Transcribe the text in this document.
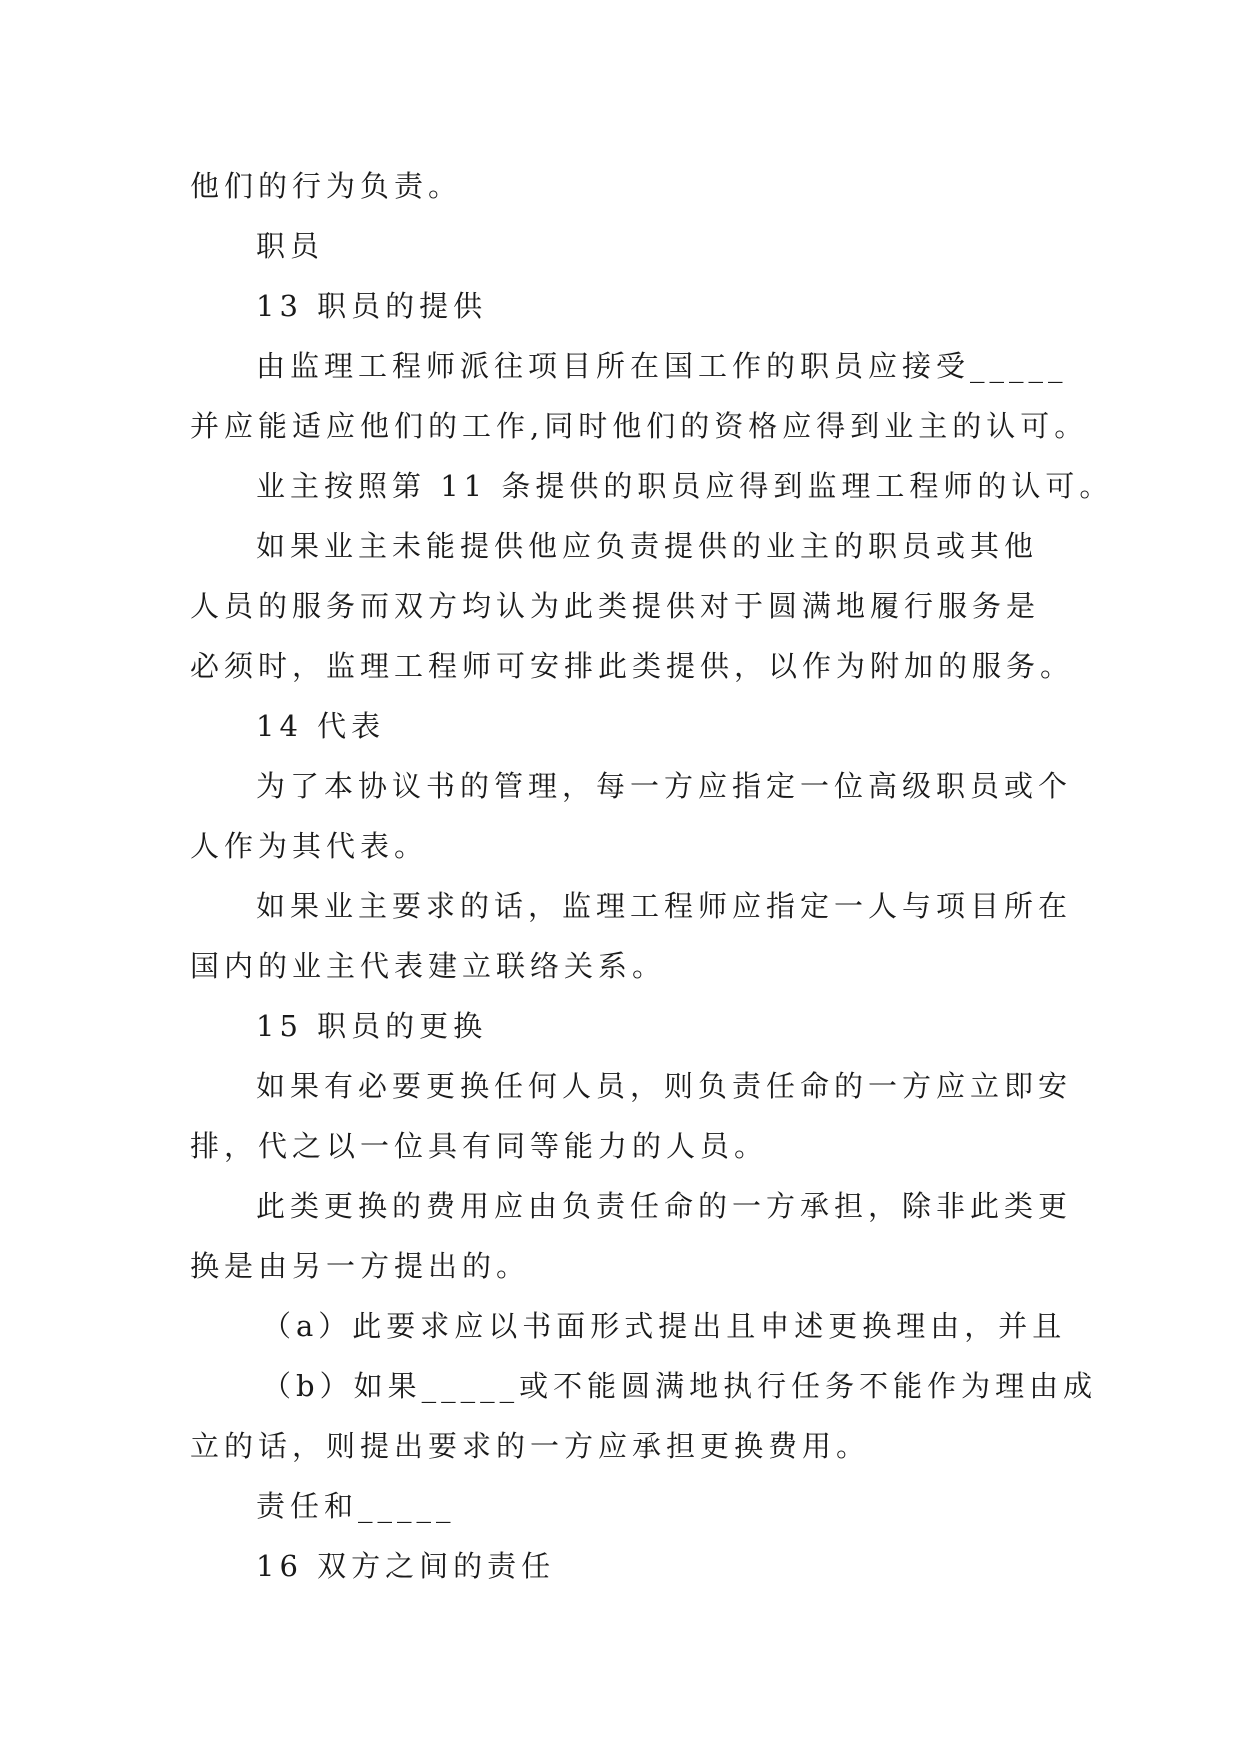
他们的行为负责。
职员
13 职员的提供
由监理工程师派往项目所在国工作的职员应接受_____
并应能适应他们的工作,同时他们的资格应得到业主的认可。
业主按照第 11 条提供的职员应得到监理工程师的认可。
如果业主未能提供他应负责提供的业主的职员或其他
人员的服务而双方均认为此类提供对于圆满地履行服务是
必须时，监理工程师可安排此类提供，以作为附加的服务。
14 代表
为了本协议书的管理，每一方应指定一位高级职员或个
人作为其代表。
如果业主要求的话，监理工程师应指定一人与项目所在
国内的业主代表建立联络关系。
15 职员的更换
如果有必要更换任何人员，则负责任命的一方应立即安
排，代之以一位具有同等能力的人员。
此类更换的费用应由负责任命的一方承担，除非此类更
换是由另一方提出的。
（a）此要求应以书面形式提出且申述更换理由，并且
（b）如果_____或不能圆满地执行任务不能作为理由成
立的话，则提出要求的一方应承担更换费用。
责任和_____
16 双方之间的责任
